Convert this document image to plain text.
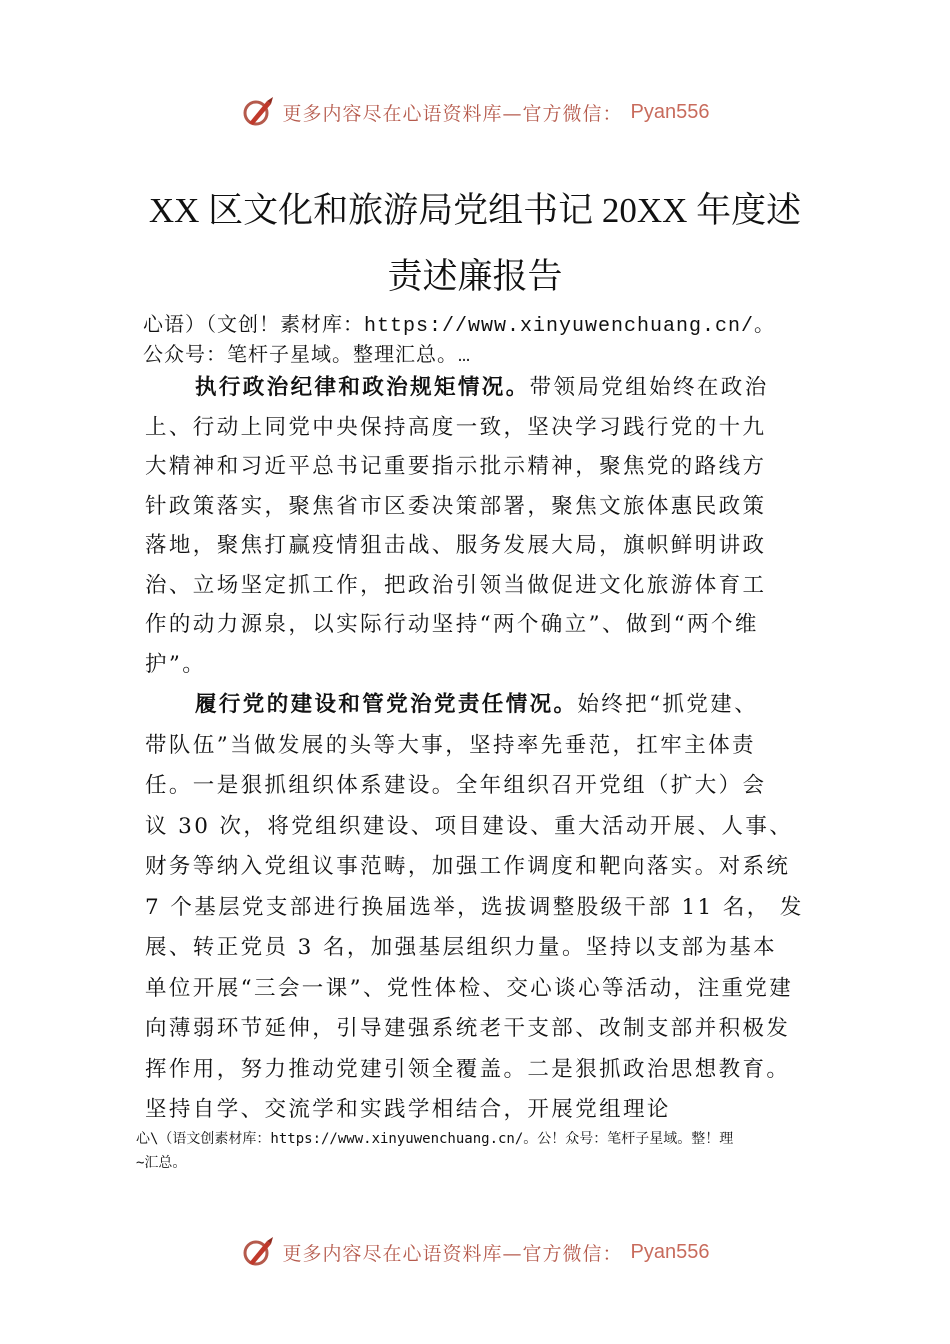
更多内容尽在心语资料库—官方微信： Pyan556
XX 区文化和旅游局党组书记 20XX 年度述
责述廉报告
心语）（文创！素材库：https://www.xinyuwenchuang.cn/。
公众号：笔杆子星域。整理汇总。…
执行政治纪律和政治规矩情况。带领局党组始终在政治
上、行动上同党中央保持高度一致，坚决学习践行党的十九
大精神和习近平总书记重要指示批示精神，聚焦党的路线方
针政策落实，聚焦省市区委决策部署，聚焦文旅体惠民政策
落地，聚焦打赢疫情狙击战、服务发展大局，旗帜鲜明讲政
治、立场坚定抓工作，把政治引领当做促进文化旅游体育工
作的动力源泉，以实际行动坚持“两个确立”、做到“两个维
护”。
履行党的建设和管党治党责任情况。始终把“抓党建、
带队伍”当做发展的头等大事，坚持率先垂范，扛牢主体责
任。一是狠抓组织体系建设。全年组织召开党组（扩大）会
议 30 次，将党组织建设、项目建设、重大活动开展、人事、
财务等纳入党组议事范畴，加强工作调度和靶向落实。对系统
7 个基层党支部进行换届选举，选拔调整股级干部 11 名， 发
展、转正党员 3 名，加强基层组织力量。坚持以支部为基本
单位开展“三会一课”、党性体检、交心谈心等活动，注重党建
向薄弱环节延伸，引导建强系统老干支部、改制支部并积极发
挥作用，努力推动党建引领全覆盖。二是狠抓政治思想教育。
坚持自学、交流学和实践学相结合，开展党组理论
心\（语文创素材库：https://www.xinyuwenchuang.cn/。公！众号：笔杆子星域。整！理
~汇总。
更多内容尽在心语资料库—官方微信： Pyan556
